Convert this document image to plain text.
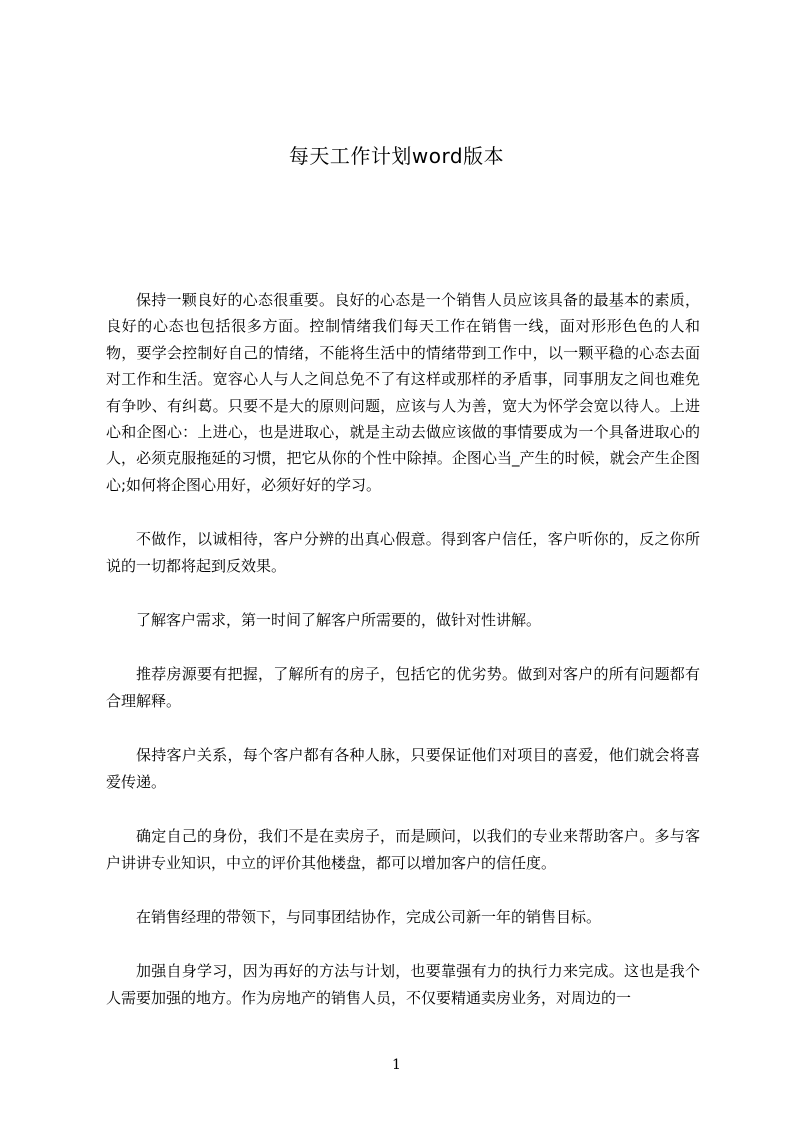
每天工作计划word版本

保持一颗良好的心态很重要。良好的心态是一个销售人员应该具备的最基本的素质，良好的心态也包括很多方面。控制情绪我们每天工作在销售一线，面对形形色色的人和物，要学会控制好自己的情绪，不能将生活中的情绪带到工作中，以一颗平稳的心态去面对工作和生活。宽容心人与人之间总免不了有这样或那样的矛盾事，同事朋友之间也难免有争吵、有纠葛。只要不是大的原则问题，应该与人为善，宽大为怀学会宽以待人。上进心和企图心：上进心，也是进取心，就是主动去做应该做的事情要成为一个具备进取心的人，必须克服拖延的习惯，把它从你的个性中除掉。企图心当_产生的时候，就会产生企图心;如何将企图心用好，必须好好的学习。

不做作，以诚相待，客户分辨的出真心假意。得到客户信任，客户听你的，反之你所说的一切都将起到反效果。

了解客户需求，第一时间了解客户所需要的，做针对性讲解。

推荐房源要有把握，了解所有的房子，包括它的优劣势。做到对客户的所有问题都有合理解释。

保持客户关系，每个客户都有各种人脉，只要保证他们对项目的喜爱，他们就会将喜爱传递。

确定自己的身份，我们不是在卖房子，而是顾问，以我们的专业来帮助客户。多与客户讲讲专业知识，中立的评价其他楼盘，都可以增加客户的信任度。

在销售经理的带领下，与同事团结协作，完成公司新一年的销售目标。

加强自身学习，因为再好的方法与计划，也要靠强有力的执行力来完成。这也是我个人需要加强的地方。作为房地产的销售人员，不仅要精通卖房业务，对周边的一

1
